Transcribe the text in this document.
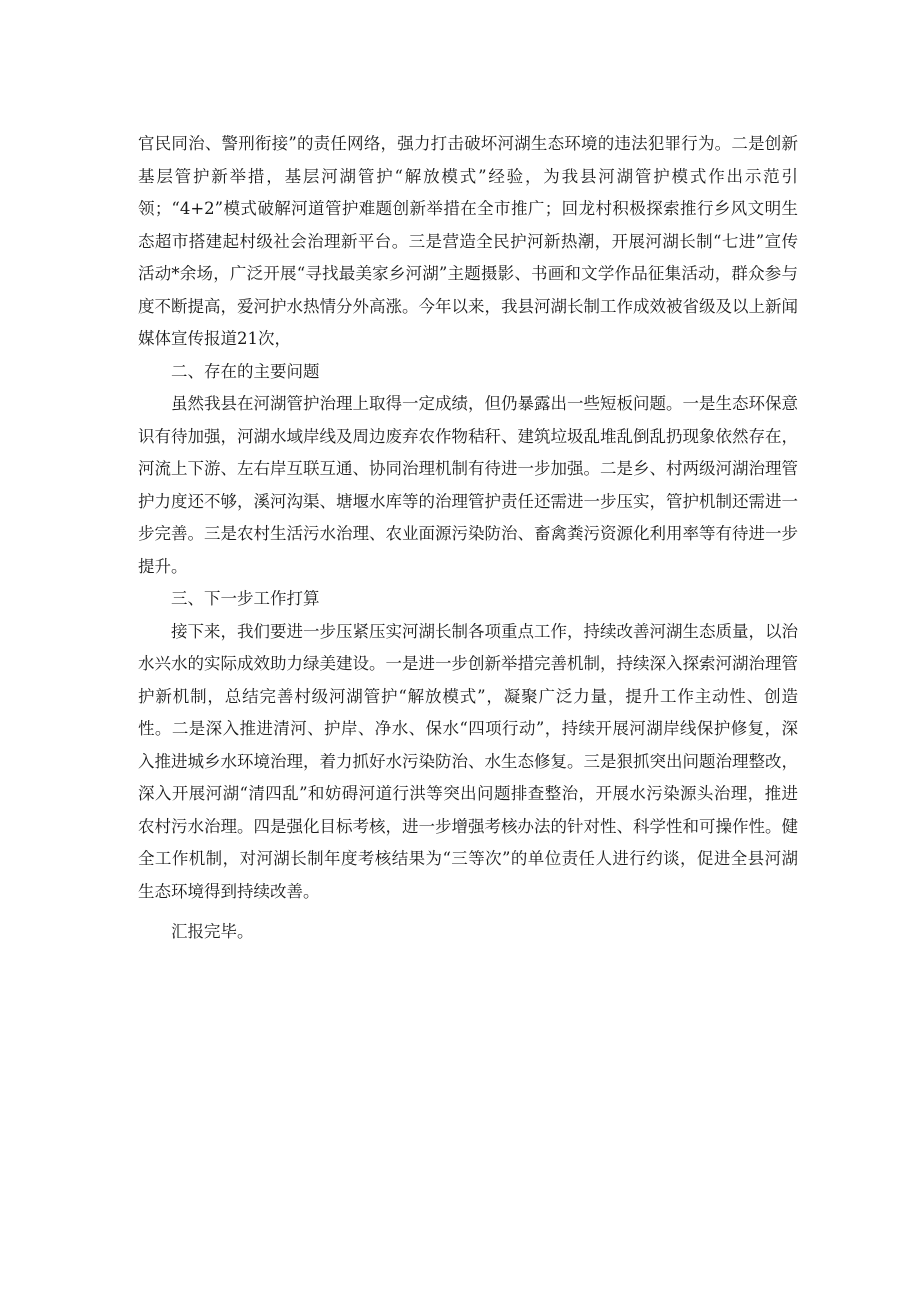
官民同治、警刑衔接”的责任网络，强力打击破坏河湖生态环境的违法犯罪行为。二是创新基层管护新举措，基层河湖管护“解放模式”经验，为我县河湖管护模式作出示范引领；“4+2”模式破解河道管护难题创新举措在全市推广；回龙村积极探索推行乡风文明生态超市搭建起村级社会治理新平台。三是营造全民护河新热潮，开展河湖长制“七进”宣传活动*余场，广泛开展“寻找最美家乡河湖”主题摄影、书画和文学作品征集活动，群众参与度不断提高，爱河护水热情分外高涨。今年以来，我县河湖长制工作成效被省级及以上新闻媒体宣传报道21次，

二、存在的主要问题

虽然我县在河湖管护治理上取得一定成绩，但仍暴露出一些短板问题。一是生态环保意识有待加强，河湖水域岸线及周边废弃农作物秸秆、建筑垃圾乱堆乱倒乱扔现象依然存在，河流上下游、左右岸互联互通、协同治理机制有待进一步加强。二是乡、村两级河湖治理管护力度还不够，溪河沟渠、塘堰水库等的治理管护责任还需进一步压实，管护机制还需进一步完善。三是农村生活污水治理、农业面源污染防治、畜禽粪污资源化利用率等有待进一步提升。

三、下一步工作打算

接下来，我们要进一步压紧压实河湖长制各项重点工作，持续改善河湖生态质量，以治水兴水的实际成效助力绿美建设。一是进一步创新举措完善机制，持续深入探索河湖治理管护新机制，总结完善村级河湖管护“解放模式”，凝聚广泛力量，提升工作主动性、创造性。二是深入推进清河、护岸、净水、保水“四项行动”，持续开展河湖岸线保护修复，深入推进城乡水环境治理，着力抓好水污染防治、水生态修复。三是狠抓突出问题治理整改，深入开展河湖“清四乱”和妨碍河道行洪等突出问题排查整治，开展水污染源头治理，推进农村污水治理。四是强化目标考核，进一步增强考核办法的针对性、科学性和可操作性。健全工作机制，对河湖长制年度考核结果为“三等次”的单位责任人进行约谈，促进全县河湖生态环境得到持续改善。

汇报完毕。
